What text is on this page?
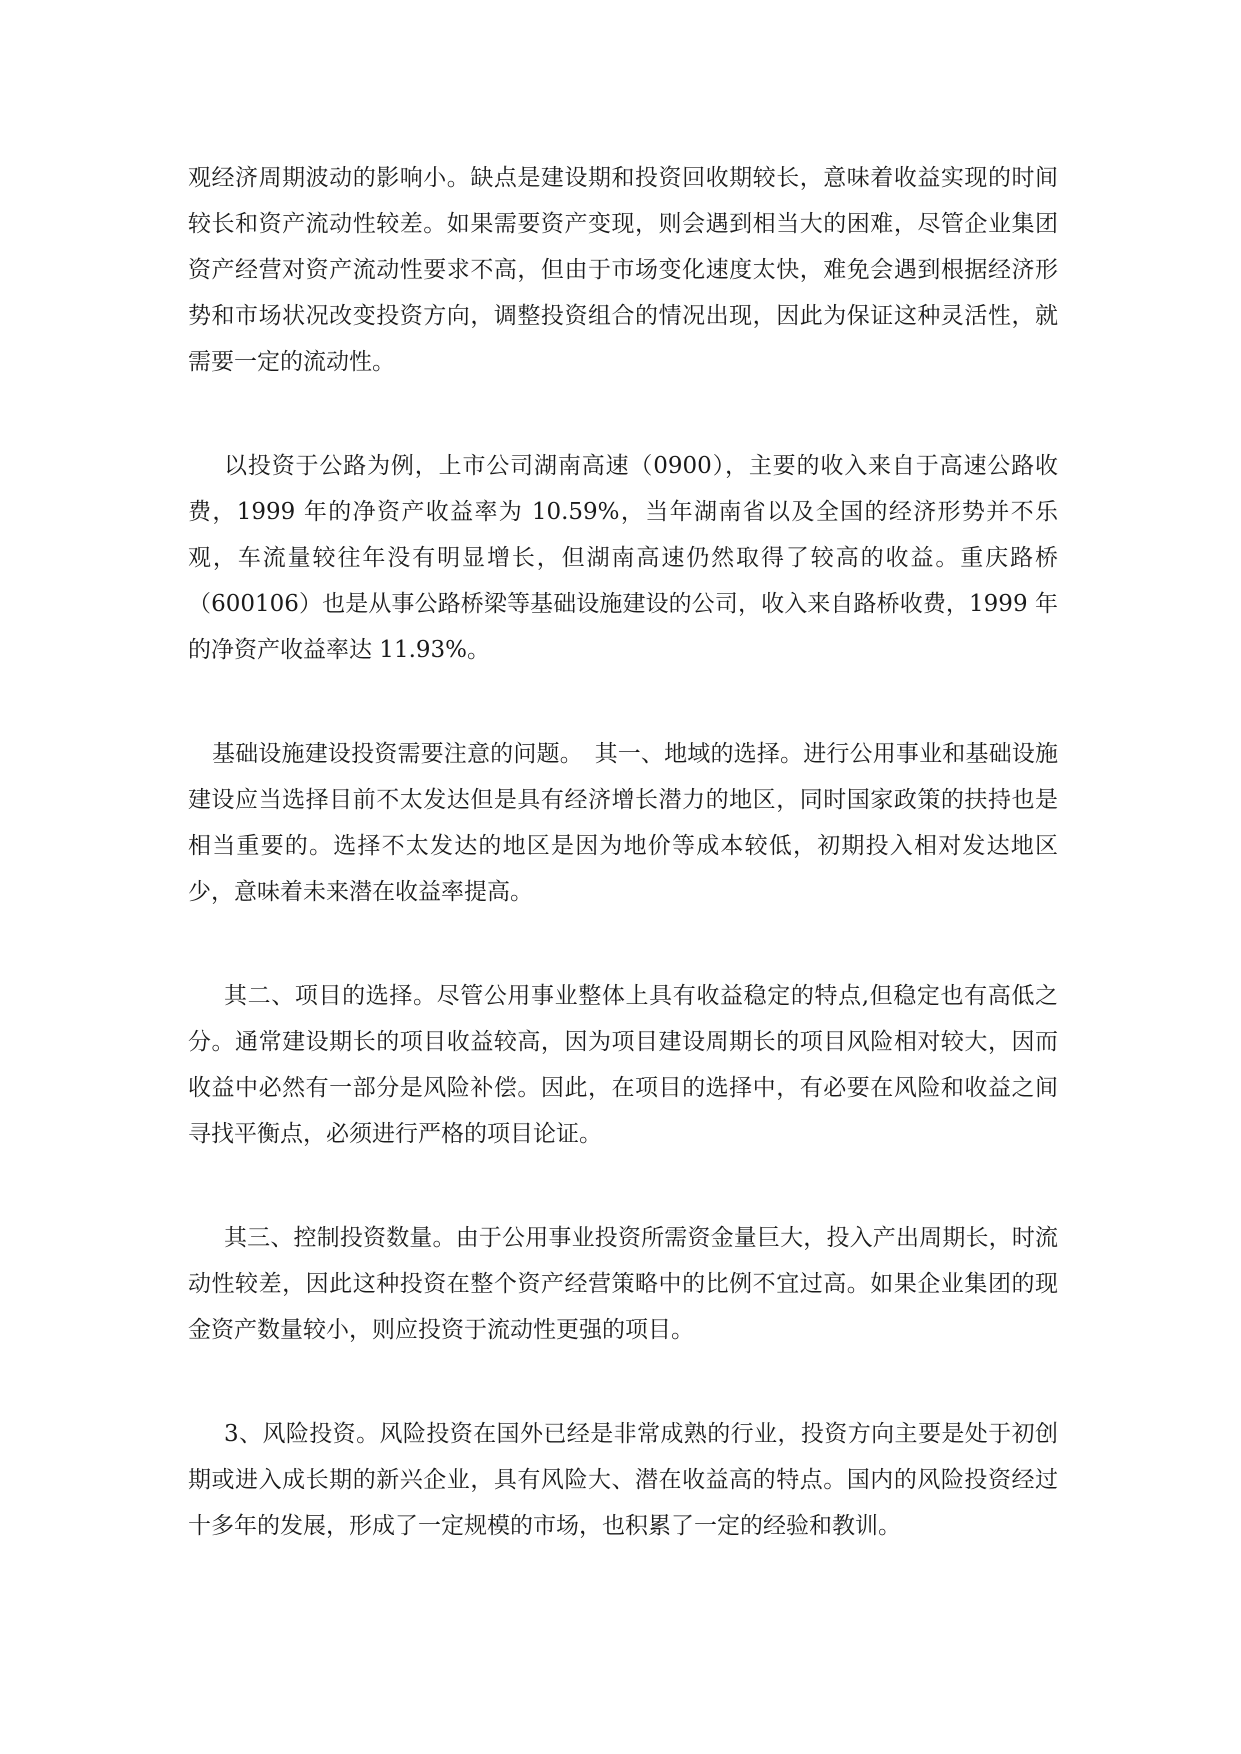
观经济周期波动的影响小。缺点是建设期和投资回收期较长，意味着收益实现的时间较长和资产流动性较差。如果需要资产变现，则会遇到相当大的困难，尽管企业集团资产经营对资产流动性要求不高，但由于市场变化速度太快，难免会遇到根据经济形势和市场状况改变投资方向，调整投资组合的情况出现，因此为保证这种灵活性，就需要一定的流动性。

以投资于公路为例，上市公司湖南高速（0900），主要的收入来自于高速公路收费，1999 年的净资产收益率为 10.59%，当年湖南省以及全国的经济形势并不乐观，车流量较往年没有明显增长，但湖南高速仍然取得了较高的收益。重庆路桥（600106）也是从事公路桥梁等基础设施建设的公司，收入来自路桥收费，1999 年的净资产收益率达 11.93%。

基础设施建设投资需要注意的问题。　其一、地域的选择。进行公用事业和基础设施建设应当选择目前不太发达但是具有经济增长潜力的地区，同时国家政策的扶持也是相当重要的。选择不太发达的地区是因为地价等成本较低，初期投入相对发达地区少，意味着未来潜在收益率提高。

其二、项目的选择。尽管公用事业整体上具有收益稳定的特点,但稳定也有高低之分。通常建设期长的项目收益较高，因为项目建设周期长的项目风险相对较大，因而收益中必然有一部分是风险补偿。因此，在项目的选择中，有必要在风险和收益之间寻找平衡点，必须进行严格的项目论证。

其三、控制投资数量。由于公用事业投资所需资金量巨大，投入产出周期长，时流动性较差，因此这种投资在整个资产经营策略中的比例不宜过高。如果企业集团的现金资产数量较小，则应投资于流动性更强的项目。

3、风险投资。风险投资在国外已经是非常成熟的行业，投资方向主要是处于初创期或进入成长期的新兴企业，具有风险大、潜在收益高的特点。国内的风险投资经过十多年的发展，形成了一定规模的市场，也积累了一定的经验和教训。
